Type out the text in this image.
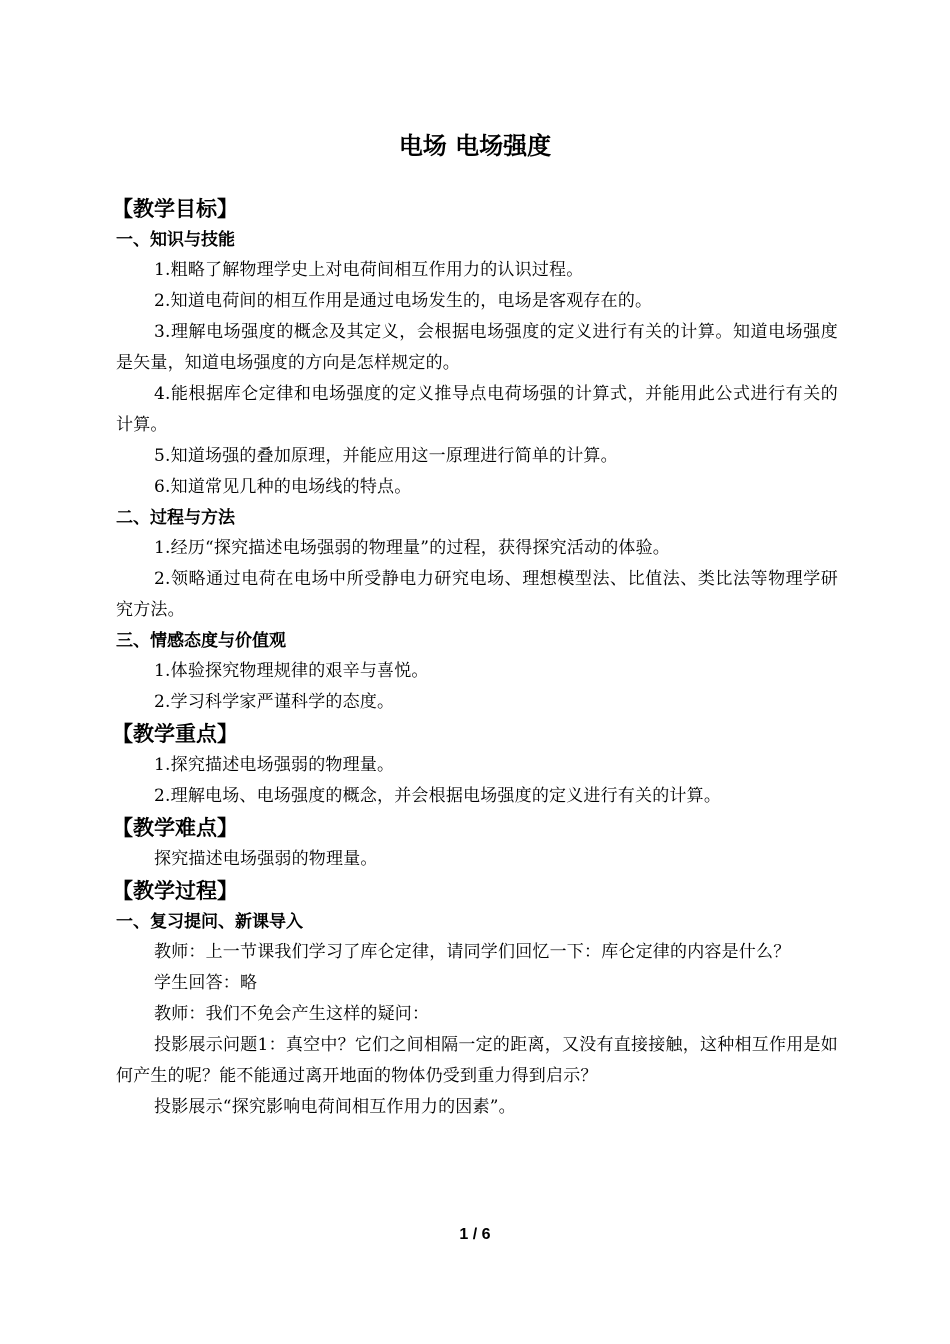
电场 电场强度
【教学目标】
一、知识与技能
1.粗略了解物理学史上对电荷间相互作用力的认识过程。
2.知道电荷间的相互作用是通过电场发生的，电场是客观存在的。
3.理解电场强度的概念及其定义，会根据电场强度的定义进行有关的计算。知道电场强度是矢量，知道电场强度的方向是怎样规定的。
4.能根据库仑定律和电场强度的定义推导点电荷场强的计算式，并能用此公式进行有关的计算。
5.知道场强的叠加原理，并能应用这一原理进行简单的计算。
6.知道常见几种的电场线的特点。
二、过程与方法
1.经历“探究描述电场强弱的物理量”的过程，获得探究活动的体验。
2.领略通过电荷在电场中所受静电力研究电场、理想模型法、比值法、类比法等物理学研究方法。
三、情感态度与价值观
1.体验探究物理规律的艰辛与喜悦。
2.学习科学家严谨科学的态度。
【教学重点】
1.探究描述电场强弱的物理量。
2.理解电场、电场强度的概念，并会根据电场强度的定义进行有关的计算。
【教学难点】
探究描述电场强弱的物理量。
【教学过程】
一、复习提问、新课导入
教师：上一节课我们学习了库仑定律，请同学们回忆一下：库仑定律的内容是什么？
学生回答：略
教师：我们不免会产生这样的疑问：
投影展示问题1：真空中？它们之间相隔一定的距离，又没有直接接触，这种相互作用是如何产生的呢？能不能通过离开地面的物体仍受到重力得到启示？
投影展示“探究影响电荷间相互作用力的因素”。
1 / 6
